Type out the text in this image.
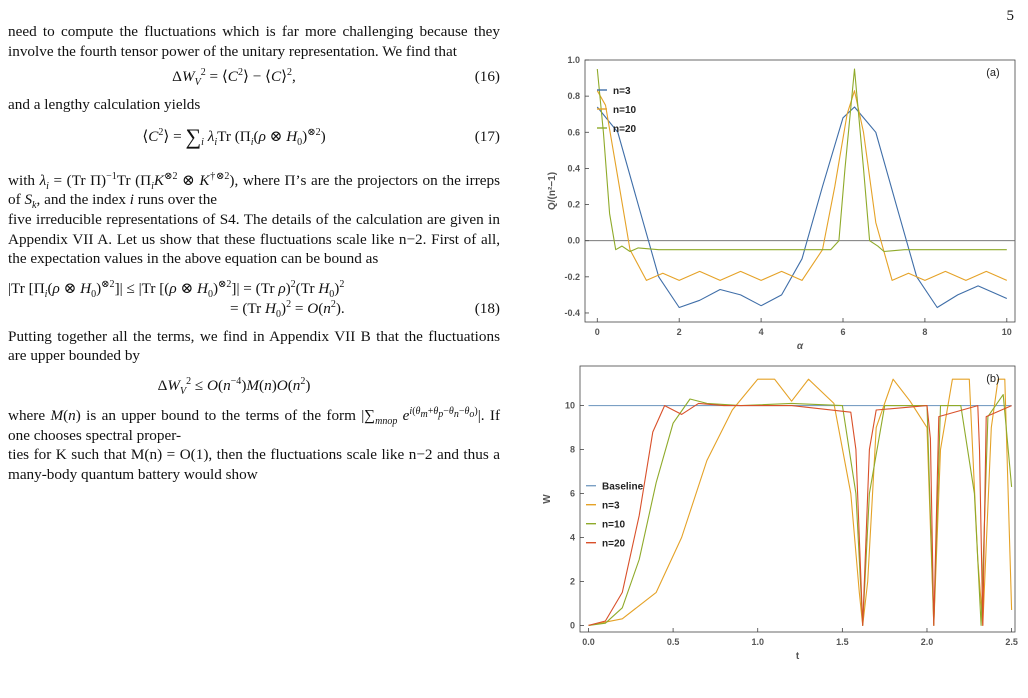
5

need to compute the fluctuations which is far more challenging because they involve the fourth tensor power of the unitary representation. We find that

$\Delta W_V^2$ = $⟨C^2⟩$ − ⟨C⟩$^2$,	(16)

and a lengthy calculation yields

$⟨C^2⟩ = \sum_i$ $\lambda_iTr$ ($\Pi_i(\rho$ ⊗ $H_0)^{\otimes 2}$)	(17)

with $\lambda_i = (Tr$ Π)$^{-1}$Tr ($\Pi_iK^{\otimes 2}$ ⊗ $K^{\dagger\otimes 2}$), where Π’s are the projectors on the irreps of $S_k$, and the index i runs over the

five irreducible representations of S4. The details of the calculation are given in Appendix VII A. Let us show that these fluctuations scale like n−2. First of all, the expectation values in the above equation can be bound as

|Tr [$\Pi_i(\rho$ ⊗ $H_0)^{\otimes 2}]| \le |Tr$ [(ρ ⊗ $H_0)^{\otimes 2}]| = (Tr$ ρ)$^2$(Tr $H_0)^2$
= (Tr $H_0)^2 = O(n^2)$.	(18)

Putting together all the terms, we find in Appendix VII B that the fluctuations are upper bounded by

$\Delta W_V^2 \le O(n^{-4})M(n)O(n^2)$

where M(n) is an upper bound to the terms of the form $|\sum_{mnop}$ $e^{i(\theta_m+\theta_p-\theta_n-\theta_o)}|$. If one chooses spectral proper-

ties for K such that M(n) = O(1), then the fluctuations scale like n−2 and thus a many-body quantum battery would show

0	2	4	6	8	10
-0.4
-0.2
0.0
0.2
0.4
0.6
0.8
1.0
α
Q/(n²−1)
(a)
n=3
n=10
n=20
0.0	0.5	1.0	1.5	2.0	2.5
0
2
4
6
8
10
t
W
(b)
Baseline
n=3
n=10
n=20
